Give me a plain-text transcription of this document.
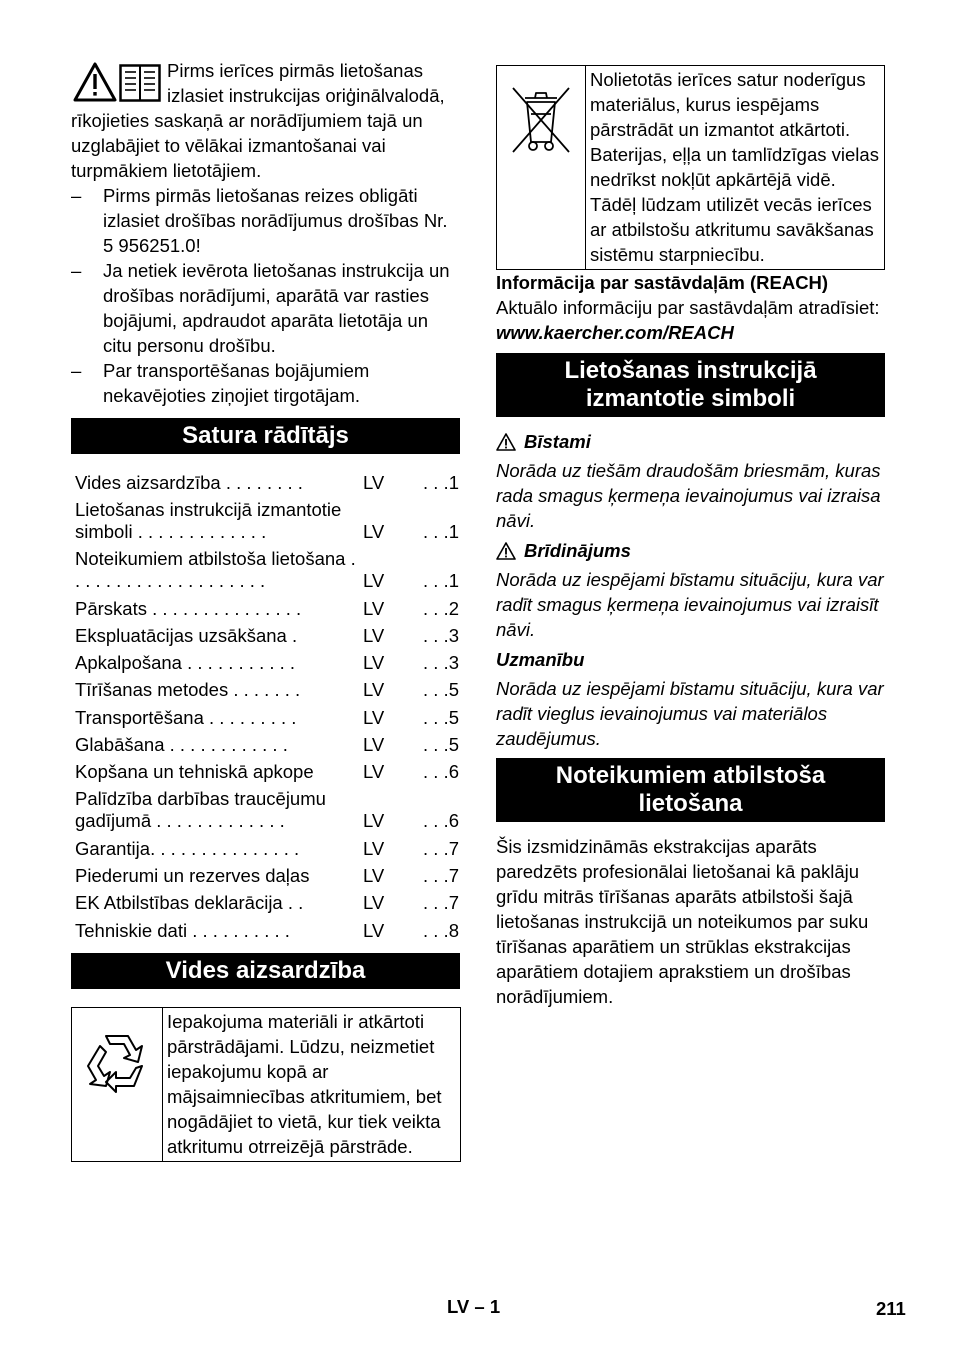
Pirms ierīces pirmās lietošanas izlasiet instrukcijas oriģinālvalodā, rīkojieties saskaņā ar norādījumiem tajā un uzglabājiet to vēlākai izmantošanai vai turpmākiem lietotājiem.
– Pirms pirmās lietošanas reizes obligāti izlasiet drošības norādījumus drošības Nr. 5 956251.0!
– Ja netiek ievērota lietošanas instrukcija un drošības norādījumi, aparātā var rasties bojājumi, apdraudot aparāta lietotāja un citu personu drošību.
– Par transportēšanas bojājumiem nekavējoties ziņojiet tirgotājam.
Satura rādītājs
Vides aizsardzība . . . . . . . .	LV	. . .1
Lietošanas instrukcijā izmantotie simboli . . . . . . . . . . . . .	LV	. . .1
Noteikumiem atbilstoša lietošana . . . . . . . . . . . . . . . . . . . .	LV	. . .1
Pārskats . . . . . . . . . . . . . . .	LV	. . .2
Ekspluatācijas uzsākšana .	LV	. . .3
Apkalpošana . . . . . . . . . . .	LV	. . .3
Tīrīšanas metodes . . . . . . .	LV	. . .5
Transportēšana . . . . . . . . .	LV	. . .5
Glabāšana . . . . . . . . . . . .	LV	. . .5
Kopšana un tehniskā apkope	LV	. . .6
Palīdzība darbības traucējumu gadījumā . . . . . . . . . . . . .	LV	. . .6
Garantija. . . . . . . . . . . . . . .	LV	. . .7
Piederumi un rezerves daļas	LV	. . .7
EK Atbilstības deklarācija . .	LV	. . .7
Tehniskie dati . . . . . . . . . .	LV	. . .8
Vides aizsardzība
Iepakojuma materiāli ir atkārtoti pārstrādājami. Lūdzu, neizmetiet iepakojumu kopā ar mājsaimniecības atkritumiem, bet nogādājiet to vietā, kur tiek veikta atkritumu otrreizējā pārstrāde.
Nolietotās ierīces satur noderīgus materiālus, kurus iespējams pārstrādāt un izmantot atkārtoti. Baterijas, eļļa un tamlīdzīgas vielas nedrīkst nokļūt apkārtējā vidē. Tādēļ lūdzam utilizēt vecās ierīces ar atbilstošu atkritumu savākšanas sistēmu starpniecību.

Informācija par sastāvdaļām (REACH)

Aktuālo informāciju par sastāvdaļām atradīsiet:

www.kaercher.com/REACH

Lietošanas instrukcijā izmantotie simboli
Bīstami

Norāda uz tiešām draudošām briesmām, kuras rada smagus ķermeņa ievainojumus vai izraisa nāvi.

Brīdinājums

Norāda uz iespējami bīstamu situāciju, kura var radīt smagus ķermeņa ievainojumus vai izraisīt nāvi.

Uzmanību

Norāda uz iespējami bīstamu situāciju, kura var radīt vieglus ievainojumus vai materiālos zaudējumus.

Noteikumiem atbilstoša lietošana

Šis izsmidzināmās ekstrakcijas aparāts paredzēts profesionālai lietošanai kā paklāju grīdu mitrās tīrīšanas aparāts atbilstoši šajā lietošanas instrukcijā un noteikumos par suku tīrīšanas aparātiem un strūklas ekstrakcijas aparātiem dotajiem aprakstiem un drošības norādījumiem.

LV – 1	211
